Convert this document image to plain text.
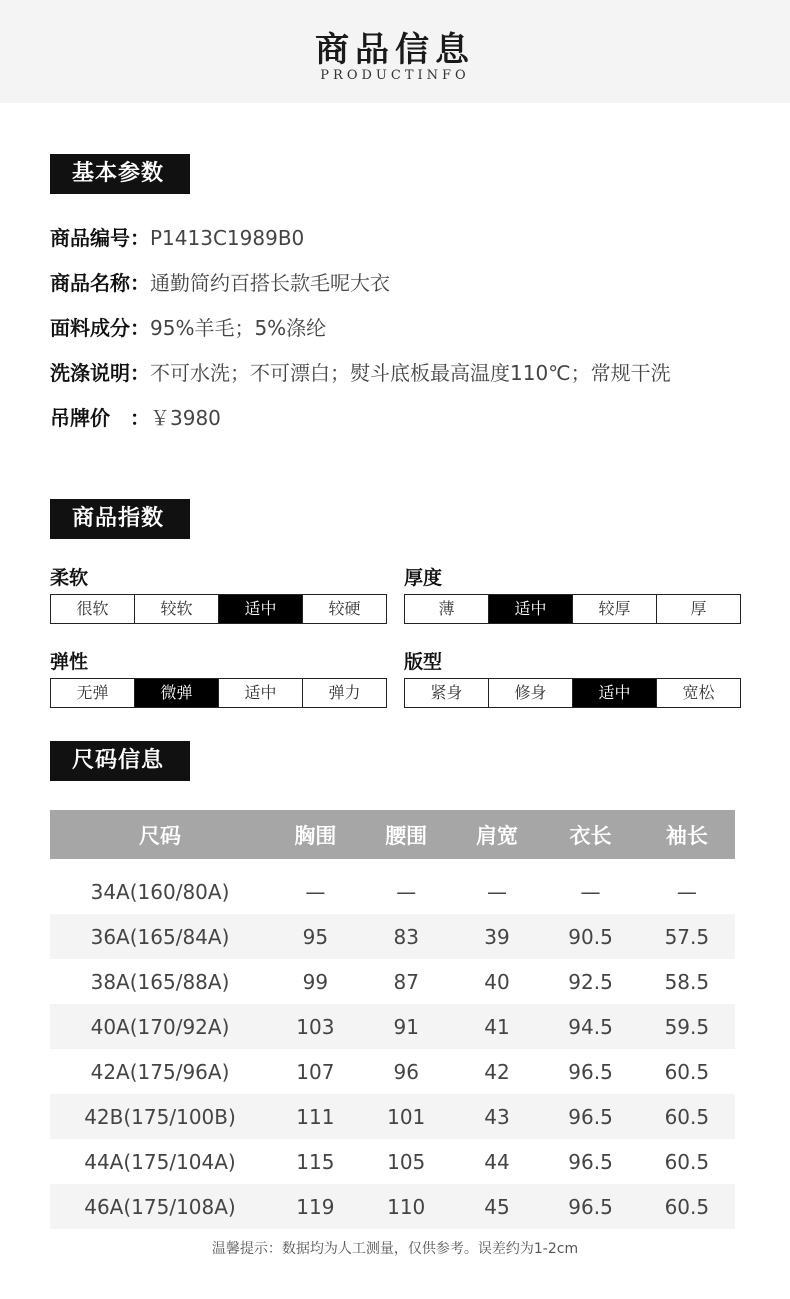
商品信息
PRODUCTINFO
基本参数
商品编号：P1413C1989B0
商品名称：通勤简约百搭长款毛呢大衣
面料成分：95%羊毛；5%涤纶
洗涤说明：不可水洗；不可漂白；熨斗底板最高温度110℃；常规干洗
吊牌价　：￥3980
商品指数
柔软
很软	较软	适中	较硬
厚度
薄	适中	较厚	厚
弹性
无弹	微弹	适中	弹力
版型
紧身	修身	适中	宽松
尺码信息
尺码	胸围	腰围	肩宽	衣长	袖长

34A(160/80A)	—	—	—	—	—
36A(165/84A)	95	83	39	90.5	57.5
38A(165/88A)	99	87	40	92.5	58.5
40A(170/92A)	103	91	41	94.5	59.5
42A(175/96A)	107	96	42	96.5	60.5
42B(175/100B)	111	101	43	96.5	60.5
44A(175/104A)	115	105	44	96.5	60.5
46A(175/108A)	119	110	45	96.5	60.5
温馨提示：数据均为人工测量，仅供参考。误差约为1-2cm
